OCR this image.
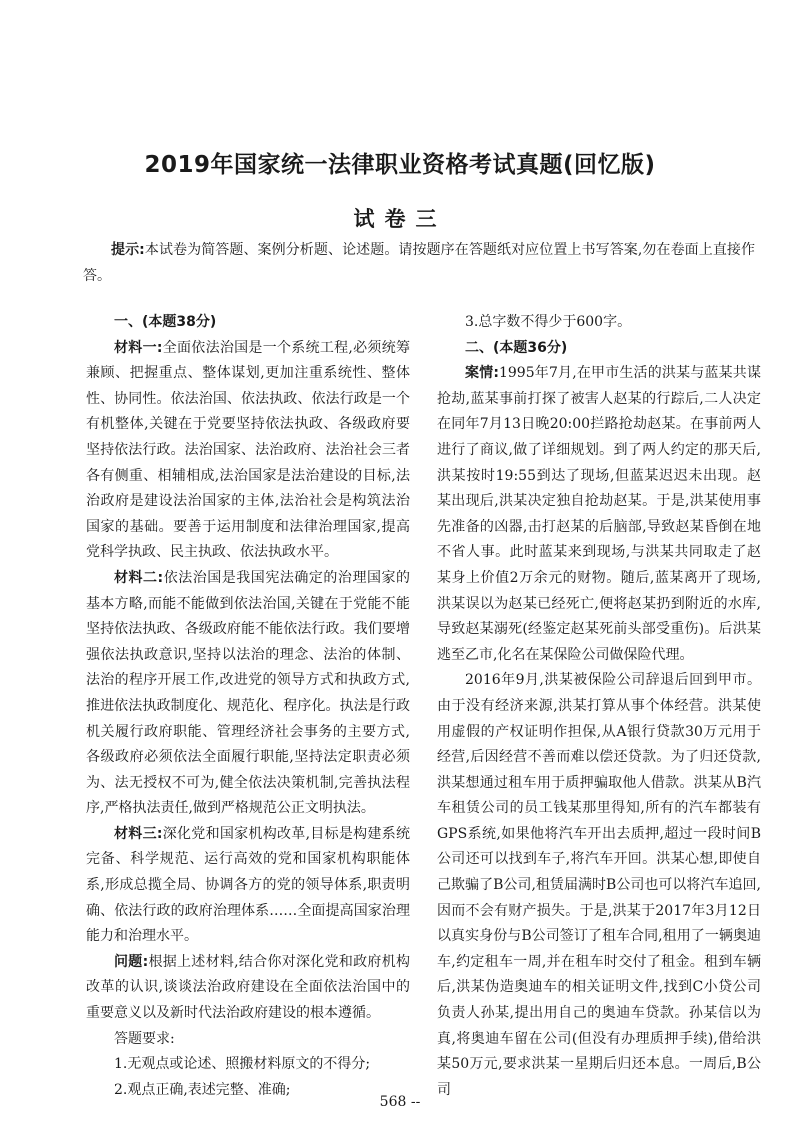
2019年国家统一法律职业资格考试真题(回忆版)
试卷三
提示:本试卷为简答题、案例分析题、论述题。请按题序在答题纸对应位置上书写答案,勿在卷面上直接作答。

一、(本题38分)

材料一:全面依法治国是一个系统工程,必须统筹兼顾、把握重点、整体谋划,更加注重系统性、整体性、协同性。依法治国、依法执政、依法行政是一个有机整体,关键在于党要坚持依法执政、各级政府要坚持依法行政。法治国家、法治政府、法治社会三者各有侧重、相辅相成,法治国家是法治建设的目标,法治政府是建设法治国家的主体,法治社会是构筑法治国家的基础。要善于运用制度和法律治理国家,提高党科学执政、民主执政、依法执政水平。

材料二:依法治国是我国宪法确定的治理国家的基本方略,而能不能做到依法治国,关键在于党能不能坚持依法执政、各级政府能不能依法行政。我们要增强依法执政意识,坚持以法治的理念、法治的体制、法治的程序开展工作,改进党的领导方式和执政方式,推进依法执政制度化、规范化、程序化。执法是行政机关履行政府职能、管理经济社会事务的主要方式,各级政府必须依法全面履行职能,坚持法定职责必须为、法无授权不可为,健全依法决策机制,完善执法程序,严格执法责任,做到严格规范公正文明执法。

材料三:深化党和国家机构改革,目标是构建系统完备、科学规范、运行高效的党和国家机构职能体系,形成总揽全局、协调各方的党的领导体系,职责明确、依法行政的政府治理体系……全面提高国家治理能力和治理水平。

问题:根据上述材料,结合你对深化党和政府机构改革的认识,谈谈法治政府建设在全面依法治国中的重要意义以及新时代法治政府建设的根本遵循。

答题要求:

1.无观点或论述、照搬材料原文的不得分;

2.观点正确,表述完整、准确;

3.总字数不得少于600字。

二、(本题36分)

案情:1995年7月,在甲市生活的洪某与蓝某共谋抢劫,蓝某事前打探了被害人赵某的行踪后,二人决定在同年7月13日晚20:00拦路抢劫赵某。在事前两人进行了商议,做了详细规划。到了两人约定的那天后,洪某按时19:55到达了现场,但蓝某迟迟未出现。赵某出现后,洪某决定独自抢劫赵某。于是,洪某使用事先准备的凶器,击打赵某的后脑部,导致赵某昏倒在地不省人事。此时蓝某来到现场,与洪某共同取走了赵某身上价值2万余元的财物。随后,蓝某离开了现场,洪某误以为赵某已经死亡,便将赵某扔到附近的水库,导致赵某溺死(经鉴定赵某死前头部受重伤)。后洪某逃至乙市,化名在某保险公司做保险代理。

2016年9月,洪某被保险公司辞退后回到甲市。由于没有经济来源,洪某打算从事个体经营。洪某使用虚假的产权证明作担保,从A银行贷款30万元用于经营,后因经营不善而难以偿还贷款。为了归还贷款,洪某想通过租车用于质押骗取他人借款。洪某从B汽车租赁公司的员工钱某那里得知,所有的汽车都装有GPS系统,如果他将汽车开出去质押,超过一段时间B公司还可以找到车子,将汽车开回。洪某心想,即使自己欺骗了B公司,租赁届满时B公司也可以将汽车追回,因而不会有财产损失。于是,洪某于2017年3月12日以真实身份与B公司签订了租车合同,租用了一辆奥迪车,约定租车一周,并在租车时交付了租金。租到车辆后,洪某伪造奥迪车的相关证明文件,找到C小贷公司负责人孙某,提出用自己的奥迪车贷款。孙某信以为真,将奥迪车留在公司(但没有办理质押手续),借给洪某50万元,要求洪某一星期后归还本息。一周后,B公司

568 --
